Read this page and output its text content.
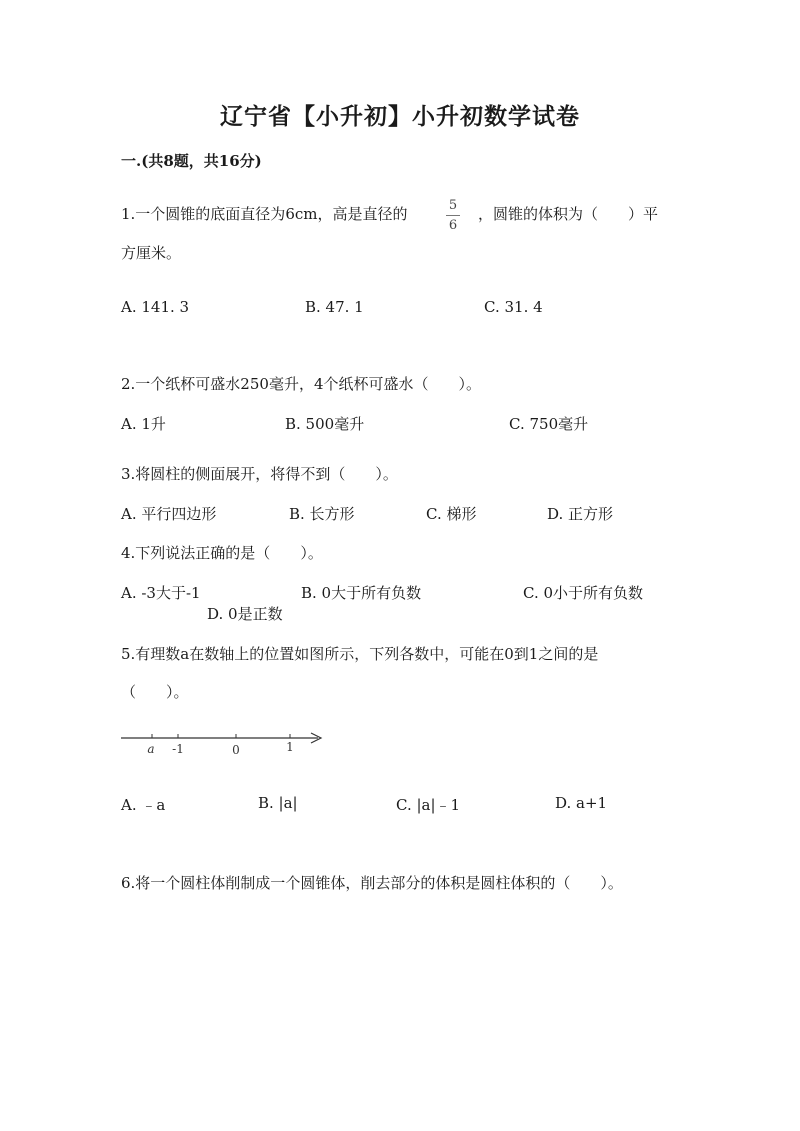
辽宁省【小升初】小升初数学试卷
一.(共8题，共16分)
1.一个圆锥的底面直径为6cm，高是直径的	5
6
，圆锥的体积为（　　）平
方厘米。
A. 141. 3	B. 47. 1	C. 31. 4
2.一个纸杯可盛水250毫升，4个纸杯可盛水（　　）。
A. 1升	B. 500毫升	C. 750毫升
3.将圆柱的侧面展开，将得不到（　　）。
A. 平行四边形	B. 长方形	C. 梯形	D. 正方形
4.下列说法正确的是（　　）。
A. -3大于-1	B. 0大于所有负数	C. 0小于所有负数
D. 0是正数
5.有理数a在数轴上的位置如图所示，下列各数中，可能在0到1之间的是
（　　）。
a -1	0	1
A. ﹣a	B. |a|	C. |a|﹣1	D. a+1
6.将一个圆柱体削制成一个圆锥体，削去部分的体积是圆柱体积的（　　）。
